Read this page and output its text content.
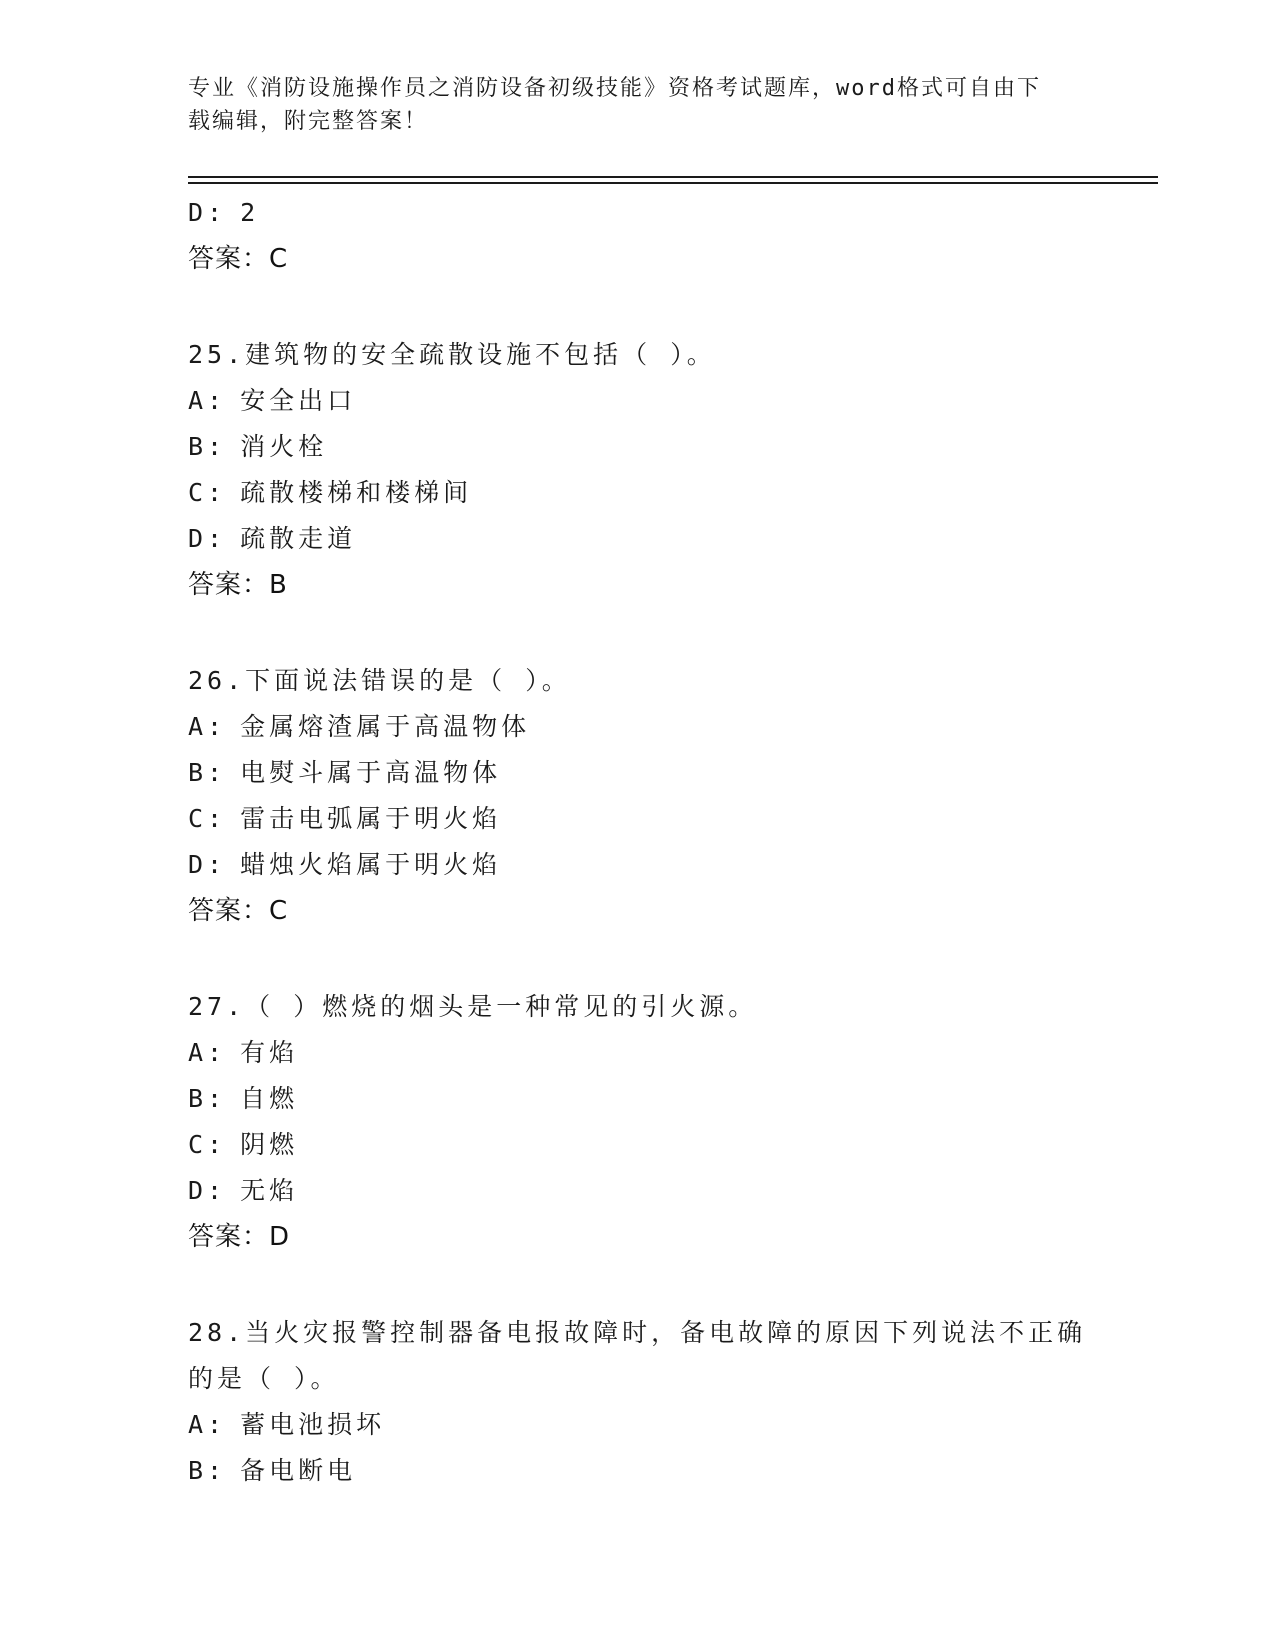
专业《消防设施操作员之消防设备初级技能》资格考试题库，word格式可自由下
载编辑，附完整答案！
D: 2
答案：C
25.建筑物的安全疏散设施不包括（ ）。
A: 安全出口
B: 消火栓
C: 疏散楼梯和楼梯间
D: 疏散走道
答案：B
26.下面说法错误的是（ ）。
A: 金属熔渣属于高温物体
B: 电熨斗属于高温物体
C: 雷击电弧属于明火焰
D: 蜡烛火焰属于明火焰
答案：C
27.（ ）燃烧的烟头是一种常见的引火源。
A: 有焰
B: 自燃
C: 阴燃
D: 无焰
答案：D
28.当火灾报警控制器备电报故障时，备电故障的原因下列说法不正确
的是（ ）。
A: 蓄电池损坏
B: 备电断电
